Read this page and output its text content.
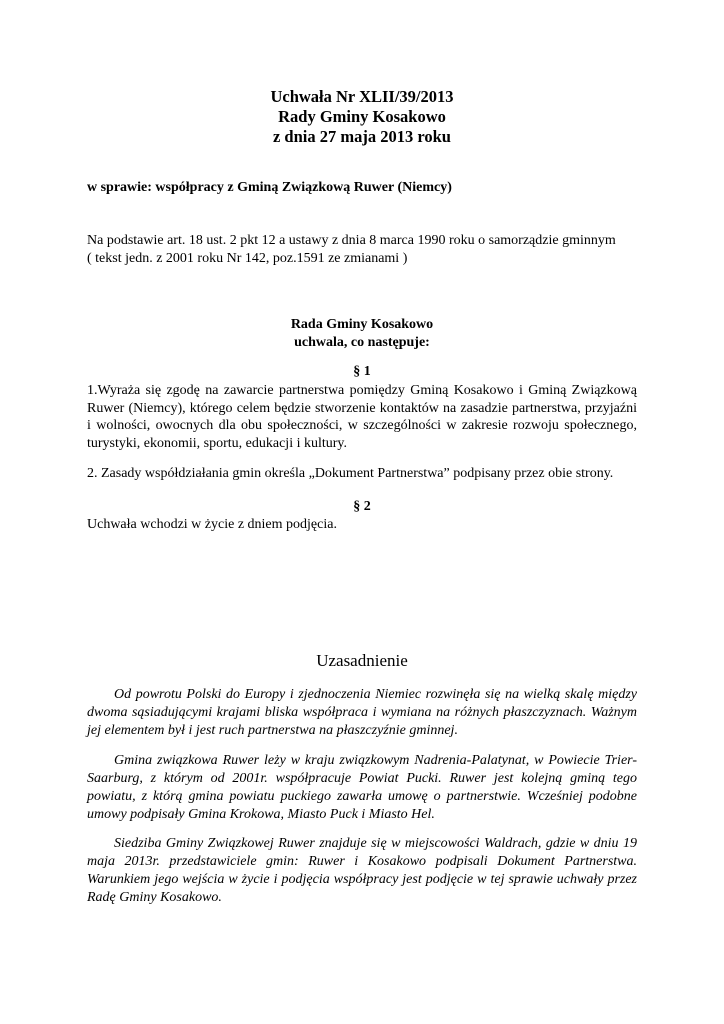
Uchwała Nr XLII/39/2013
Rady Gminy Kosakowo
z dnia 27 maja 2013 roku
w sprawie: współpracy z Gminą Związkową Ruwer (Niemcy)
Na podstawie art. 18 ust. 2 pkt 12 a ustawy z dnia 8 marca 1990 roku o samorządzie gminnym
( tekst jedn. z 2001 roku Nr 142, poz.1591 ze zmianami )
Rada Gminy Kosakowo
uchwala, co następuje:
§ 1
1.Wyraża się zgodę na zawarcie partnerstwa pomiędzy Gminą Kosakowo i Gminą Związkową Ruwer (Niemcy), którego celem będzie stworzenie kontaktów na zasadzie partnerstwa, przyjaźni i wolności, owocnych dla obu społeczności, w szczególności w zakresie rozwoju społecznego, turystyki, ekonomii, sportu, edukacji i kultury.
2. Zasady współdziałania gmin określa „Dokument Partnerstwa” podpisany przez obie strony.
§ 2
Uchwała wchodzi w życie z dniem podjęcia.
Uzasadnienie
Od powrotu Polski do Europy i zjednoczenia Niemiec rozwinęła się na wielką skalę między dwoma sąsiadującymi krajami bliska współpraca i wymiana na różnych płaszczyznach. Ważnym jej elementem był i jest ruch partnerstwa na płaszczyźnie gminnej.
Gmina związkowa Ruwer leży w kraju związkowym Nadrenia-Palatynat, w Powiecie Trier-Saarburg, z którym od 2001r. współpracuje Powiat Pucki. Ruwer jest kolejną gminą tego powiatu, z którą gmina powiatu puckiego zawarła umowę o partnerstwie. Wcześniej podobne umowy podpisały Gmina Krokowa, Miasto Puck i Miasto Hel.
Siedziba Gminy Związkowej Ruwer znajduje się w miejscowości Waldrach, gdzie w dniu 19 maja 2013r. przedstawiciele gmin: Ruwer i Kosakowo podpisali Dokument Partnerstwa. Warunkiem jego wejścia w życie i podjęcia współpracy jest podjęcie w tej sprawie uchwały przez Radę Gminy Kosakowo.
